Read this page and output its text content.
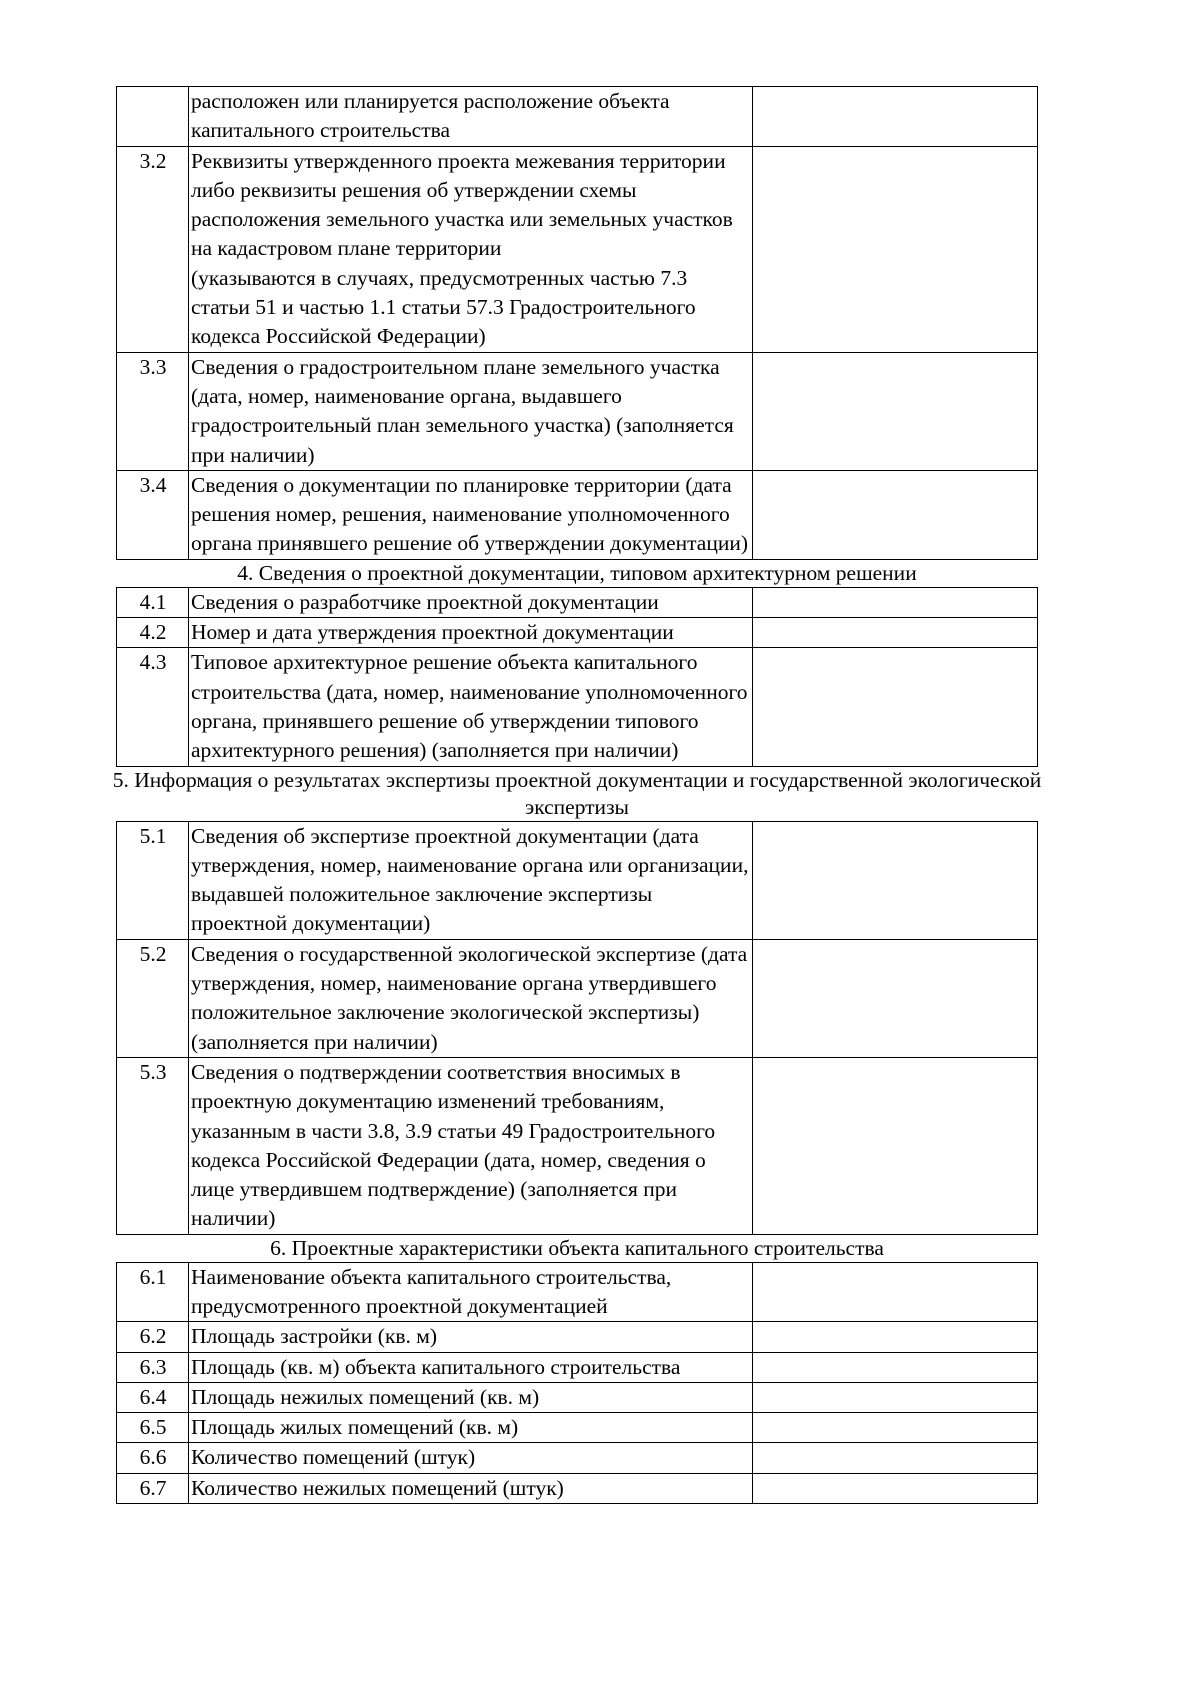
	расположен или планируется расположение объекта капитального строительства	
3.2	Реквизиты утвержденного проекта межевания территории либо реквизиты решения об утверждении схемы расположения земельного участка или земельных участков на кадастровом плане территории
(указываются в случаях, предусмотренных частью 7.3 статьи 51 и частью 1.1 статьи 57.3 Градостроительного кодекса Российской Федерации)	
3.3	Сведения о градостроительном плане земельного участка (дата, номер, наименование органа, выдавшего градостроительный план земельного участка) (заполняется при наличии)	
3.4	Сведения о документации по планировке территории (дата решения номер, решения, наименование уполномоченного органа принявшего решение об утверждении документации)	
4. Сведения о проектной документации, типовом архитектурном решении
4.1	Сведения о разработчике проектной документации	
4.2	Номер и дата утверждения проектной документации	
4.3	Типовое архитектурное решение объекта капитального строительства (дата, номер, наименование уполномоченного органа, принявшего решение об утверждении типового архитектурного решения) (заполняется при наличии)	
5. Информация о результатах экспертизы проектной документации и государственной экологической экспертизы
5.1	Сведения об экспертизе проектной документации (дата утверждения, номер, наименование органа или организации, выдавшей положительное заключение экспертизы проектной документации)	
5.2	Сведения о государственной экологической экспертизе (дата утверждения, номер, наименование органа утвердившего положительное заключение экологической экспертизы) (заполняется при наличии)	
5.3	Сведения о подтверждении соответствия вносимых в проектную документацию изменений требованиям, указанным в части 3.8, 3.9 статьи 49 Градостроительного кодекса Российской Федерации (дата, номер, сведения о лице утвердившем подтверждение) (заполняется при наличии)	
6. Проектные характеристики объекта капитального строительства
6.1	Наименование объекта капитального строительства, предусмотренного проектной документацией	
6.2	Площадь застройки (кв. м)	
6.3	Площадь (кв. м) объекта капитального строительства	
6.4	Площадь нежилых помещений (кв. м)	
6.5	Площадь жилых помещений (кв. м)	
6.6	Количество помещений (штук)	
6.7	Количество нежилых помещений (штук)	
